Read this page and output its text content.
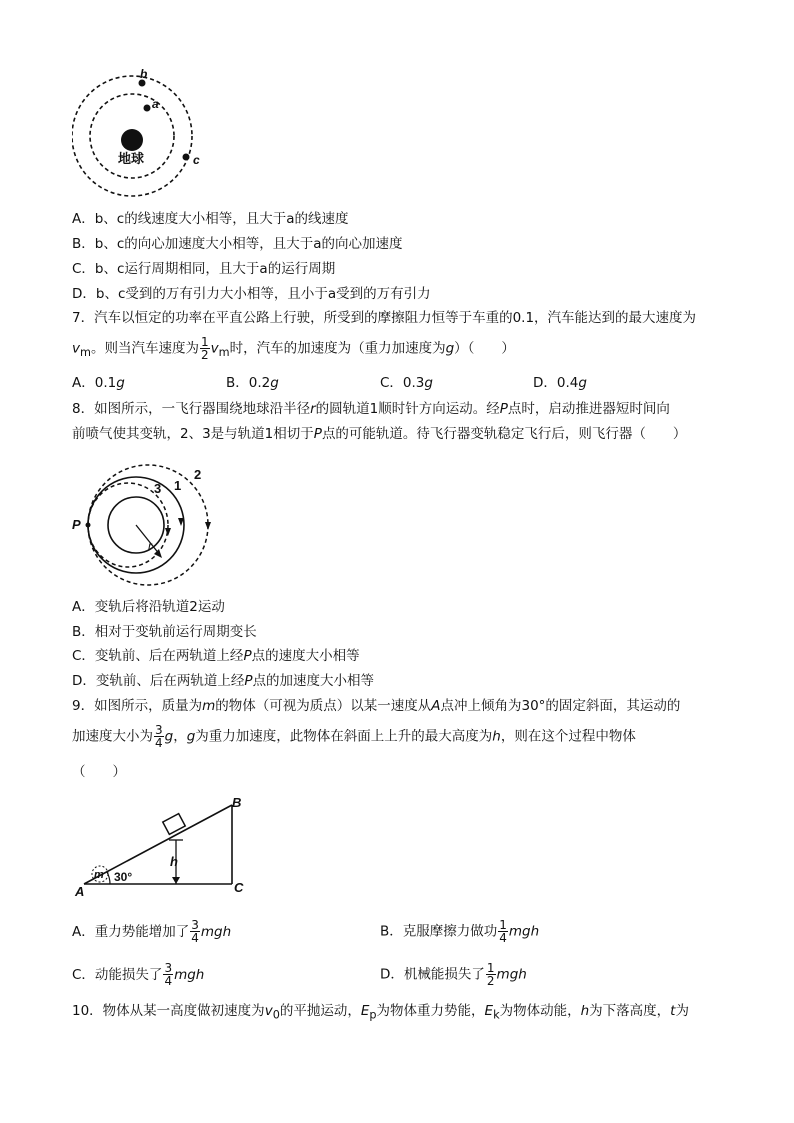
地球
b
a
c
A．b、c的线速度大小相等，且大于a的线速度
B．b、c的向心加速度大小相等，且大于a的向心加速度
C．b、c运行周期相同，且大于a的运行周期
D．b、c受到的万有引力大小相等，且小于a受到的万有引力
7．汽车以恒定的功率在平直公路上行驶，所受到的摩擦阻力恒等于车重的0.1，汽车能达到的最大速度为
$v_m$。则当汽车速度为 $\frac{1}{2} v_m$时，汽车的加速度为（重力加速度为g）（　　）
A．0.1g	B．0.2g	C．0.3g	D．0.4g
8．如图所示，一飞行器围绕地球沿半径r的圆轨道1顺时针方向运动。经P点时，启动推进器短时间向
前喷气使其变轨，2、3是与轨道1相切于P点的可能轨道。待飞行器变轨稳定飞行后，则飞行器（　　）
r
P
1
2
3
A．变轨后将沿轨道2运动
B．相对于变轨前运行周期变长
C．变轨前、后在两轨道上经P点的速度大小相等
D．变轨前、后在两轨道上经P点的加速度大小相等
9．如图所示，质量为m的物体（可视为质点）以某一速度从A点冲上倾角为30°的固定斜面，其运动的
加速度大小为 $\frac{3}{4}$ g，g为重力加速度，此物体在斜面上上升的最大高度为h，则在这个过程中物体
（　　）
h
30°
m
A
B
C
A．重力势能增加了 $\frac{3}{4}$ mgh	B．克服摩擦力做功 $\frac{1}{4}$ mgh
C．动能损失了 $\frac{3}{4}$ mgh	D．机械能损失了 $\frac{1}{2}$ mgh
10．物体从某一高度做初速度为$v_0$的平抛运动，$E_p$为物体重力势能，$E_k$为物体动能，h为下落高度，t为
